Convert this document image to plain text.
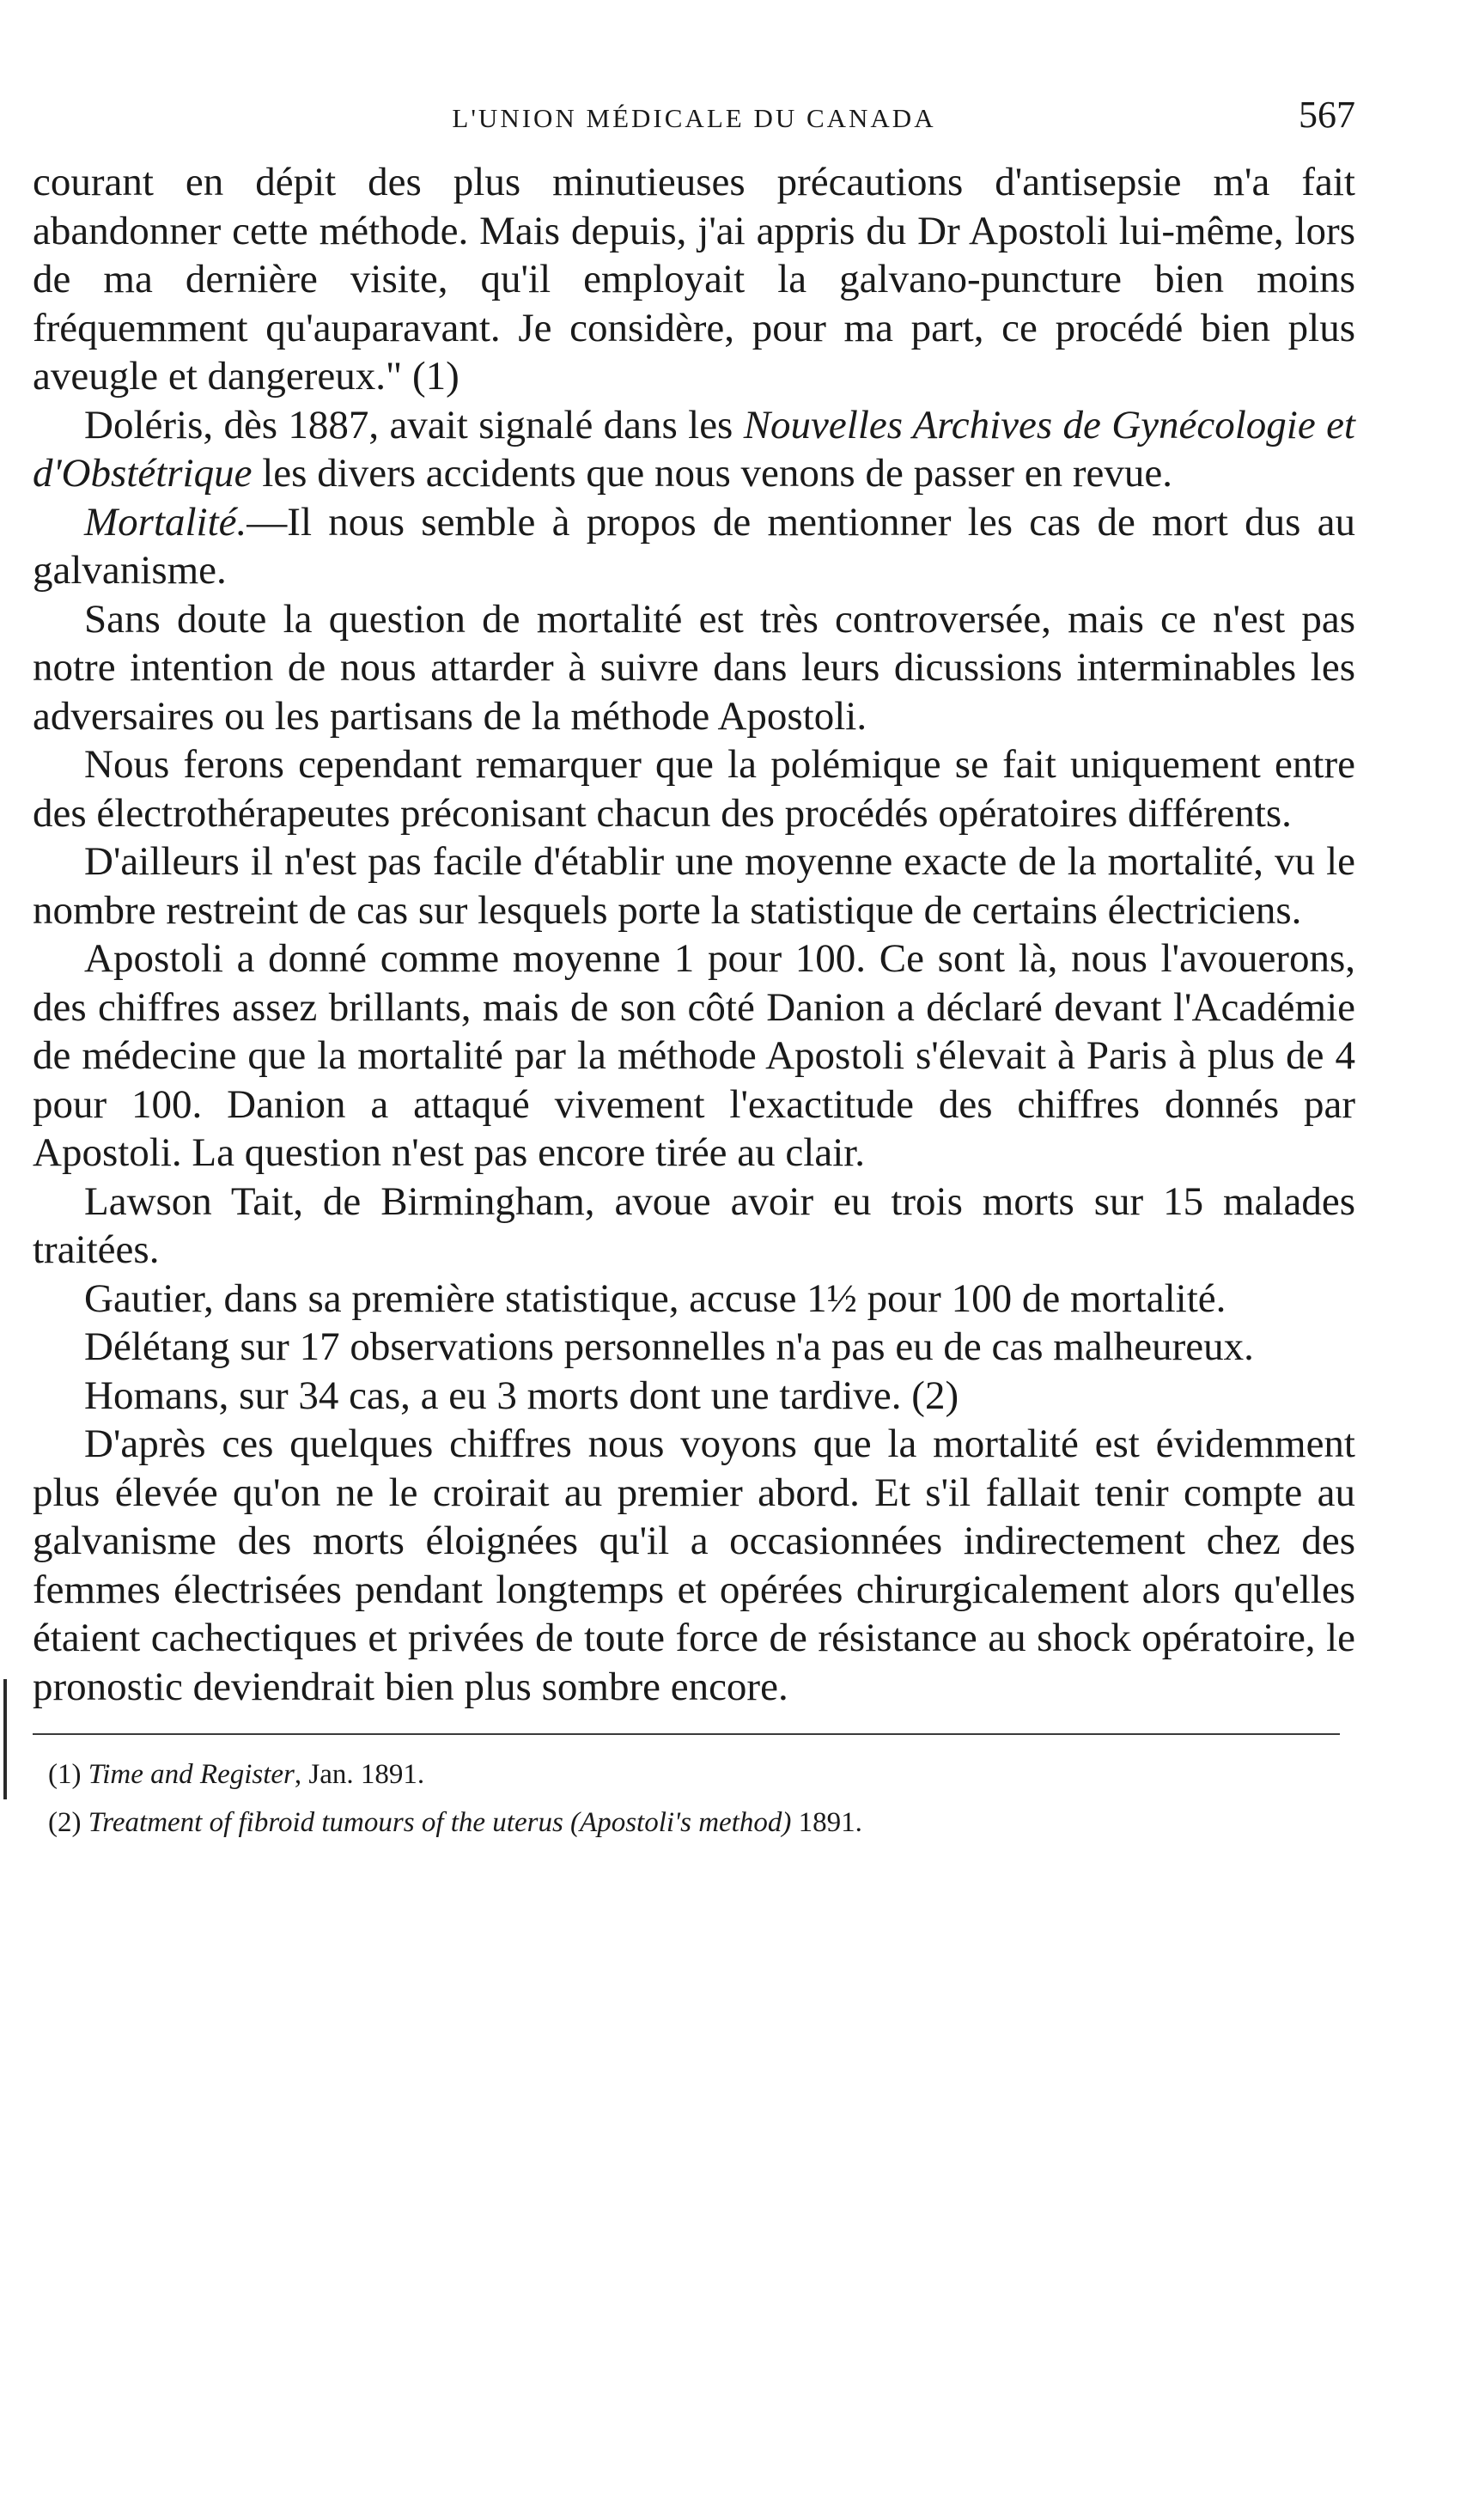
L'UNION MÉDICALE DU CANADA	567

courant en dépit des plus minutieuses précautions d'antisepsie m'a fait abandonner cette méthode. Mais depuis, j'ai appris du Dr Apostoli lui-même, lors de ma dernière visite, qu'il employait la galvano-puncture bien moins fréquemment qu'auparavant. Je considère, pour ma part, ce procédé bien plus aveugle et dangereux." (1)

Doléris, dès 1887, avait signalé dans les Nouvelles Archives de Gynécologie et d'Obstétrique les divers accidents que nous venons de passer en revue.

Mortalité.—Il nous semble à propos de mentionner les cas de mort dus au galvanisme.

Sans doute la question de mortalité est très controversée, mais ce n'est pas notre intention de nous attarder à suivre dans leurs dicussions interminables les adversaires ou les partisans de la méthode Apostoli.

Nous ferons cependant remarquer que la polémique se fait uniquement entre des électrothérapeutes préconisant chacun des procédés opératoires différents.

D'ailleurs il n'est pas facile d'établir une moyenne exacte de la mortalité, vu le nombre restreint de cas sur lesquels porte la statistique de certains électriciens.

Apostoli a donné comme moyenne 1 pour 100. Ce sont là, nous l'avouerons, des chiffres assez brillants, mais de son côté Danion a déclaré devant l'Académie de médecine que la mortalité par la méthode Apostoli s'élevait à Paris à plus de 4 pour 100. Danion a attaqué vivement l'exactitude des chiffres donnés par Apostoli. La question n'est pas encore tirée au clair.

Lawson Tait, de Birmingham, avoue avoir eu trois morts sur 15 malades traitées.

Gautier, dans sa première statistique, accuse 1½ pour 100 de mortalité.

Délétang sur 17 observations personnelles n'a pas eu de cas malheureux.

Homans, sur 34 cas, a eu 3 morts dont une tardive. (2)

D'après ces quelques chiffres nous voyons que la mortalité est évidemment plus élevée qu'on ne le croirait au premier abord. Et s'il fallait tenir compte au galvanisme des morts éloignées qu'il a occasionnées indirectement chez des femmes électrisées pendant longtemps et opérées chirurgicalement alors qu'elles étaient cachectiques et privées de toute force de résistance au shock opératoire, le pronostic deviendrait bien plus sombre encore.

(1) Time and Register, Jan. 1891.

(2) Treatment of fibroid tumours of the uterus (Apostoli's method) 1891.
